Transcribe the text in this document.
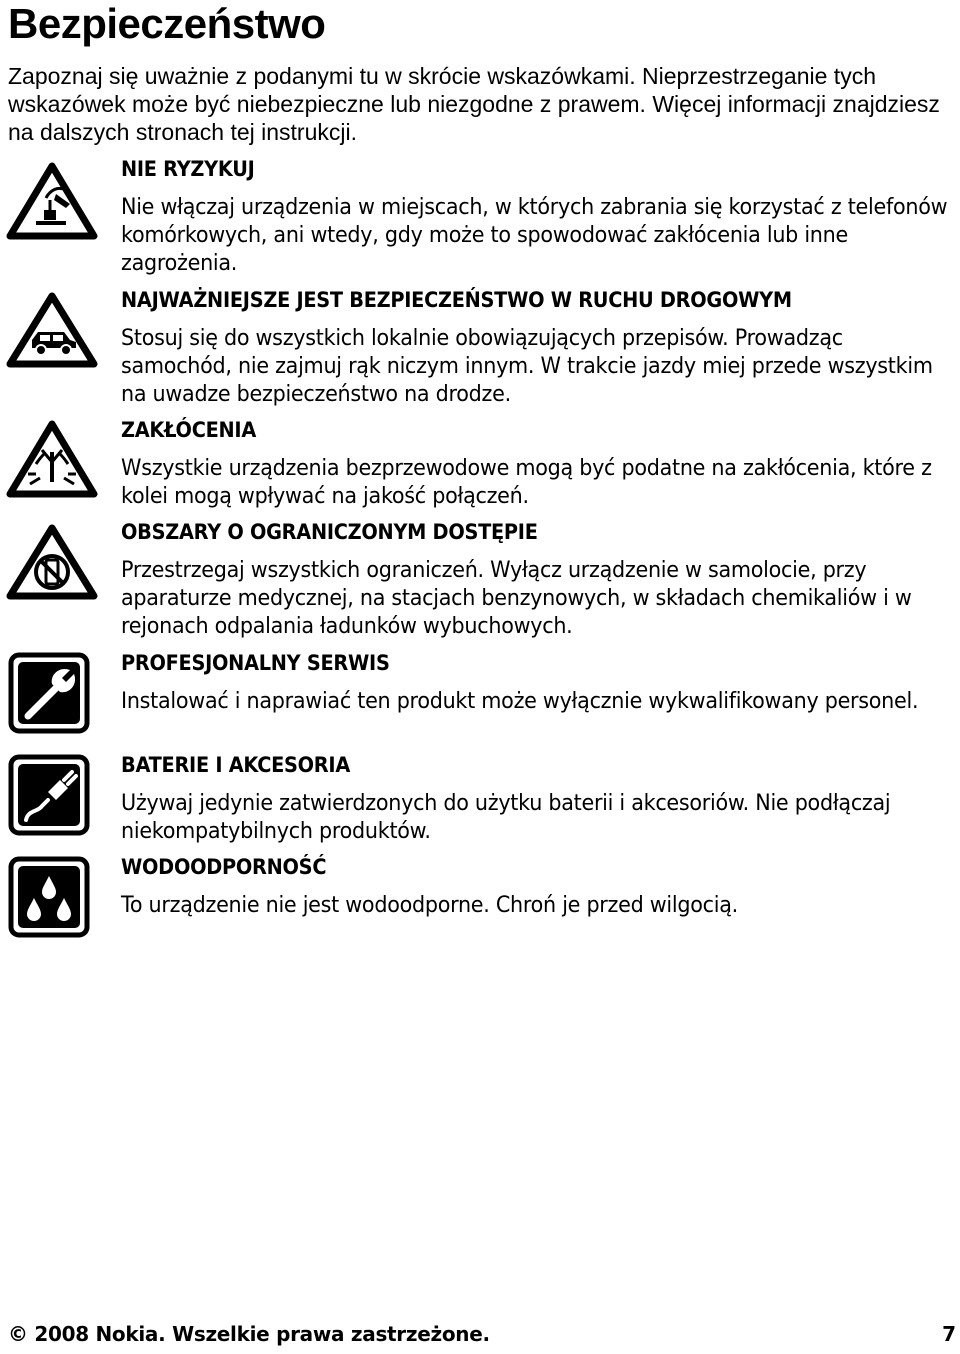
Bezpieczeństwo
Zapoznaj się uważnie z podanymi tu w skrócie wskazówkami. Nieprzestrzeganie tych wskazówek może być niebezpieczne lub niezgodne z prawem. Więcej informacji znajdziesz na dalszych stronach tej instrukcji.
NIE RYZYKUJ
Nie włączaj urządzenia w miejscach, w których zabrania się korzystać z telefonów komórkowych, ani wtedy, gdy może to spowodować zakłócenia lub inne zagrożenia.
NAJWAŻNIEJSZE JEST BEZPIECZEŃSTWO W RUCHU DROGOWYM
Stosuj się do wszystkich lokalnie obowiązujących przepisów. Prowadząc samochód, nie zajmuj rąk niczym innym. W trakcie jazdy miej przede wszystkim na uwadze bezpieczeństwo na drodze.
ZAKŁÓCENIA
Wszystkie urządzenia bezprzewodowe mogą być podatne na zakłócenia, które z kolei mogą wpływać na jakość połączeń.
OBSZARY O OGRANICZONYM DOSTĘPIE
Przestrzegaj wszystkich ograniczeń. Wyłącz urządzenie w samolocie, przy aparaturze medycznej, na stacjach benzynowych, w składach chemikaliów i w rejonach odpalania ładunków wybuchowych.
PROFESJONALNY SERWIS
Instalować i naprawiać ten produkt może wyłącznie wykwalifikowany personel.
BATERIE I AKCESORIA
Używaj jedynie zatwierdzonych do użytku baterii i akcesoriów. Nie podłączaj niekompatybilnych produktów.
WODOODPORNOŚĆ
To urządzenie nie jest wodoodporne. Chroń je przed wilgocią.
© 2008 Nokia. Wszelkie prawa zastrzeżone.	7
